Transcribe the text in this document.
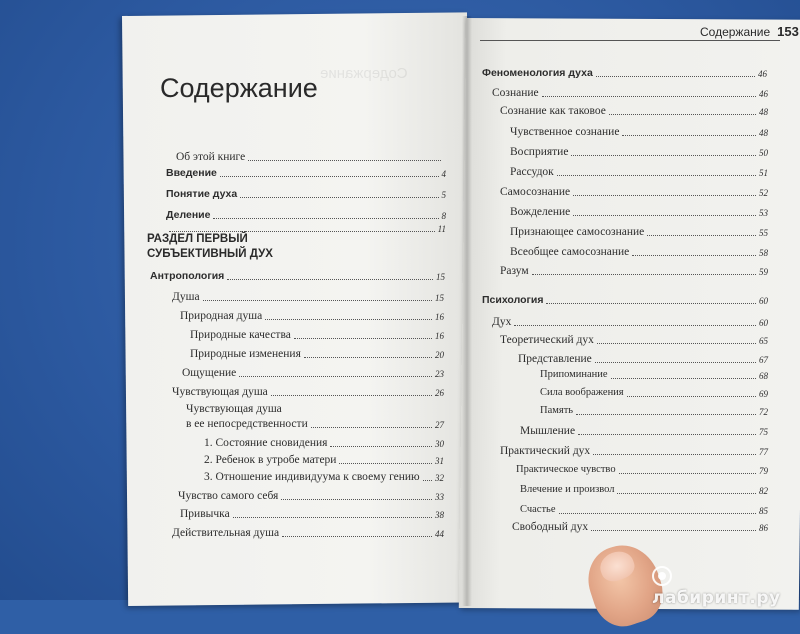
Содержание
Об этой книге
Введение	4
Понятие духа	5
Деление	8
11
РАЗДЕЛ ПЕРВЫЙ
СУБЪЕКТИВНЫЙ ДУХ
Антропология	15
Душа	15
Природная душа	16
Природные качества	16
Природные изменения	20
Ощущение	23
Чувствующая душа	26
Чувствующая душа
в ее непосредственности	27
1. Состояние сновидения	30
2. Ребенок в утробе матери	31
3. Отношение индивидуума к своему гению 32
Чувство самого себя	33
Привычка	38
Действительная душа	44
Содержание
Содержание 153
Феноменология духа	46
Сознание	46
Сознание как таковое	48
Чувственное сознание	48
Восприятие	50
Рассудок	51
Самосознание	52
Вожделение	53
Признающее самосознание	55
Всеобщее самосознание	58
Разум	59
Психология	60
Дух	60
Теоретический дух	65
Представление	67
Припоминание	68
Сила воображения	69
Память	72
Мышление	75
Практический дух	77
Практическое чувство	79
Влечение и произвол	82
Счастье	85
Свободный дух	86
лабиринт.ру
